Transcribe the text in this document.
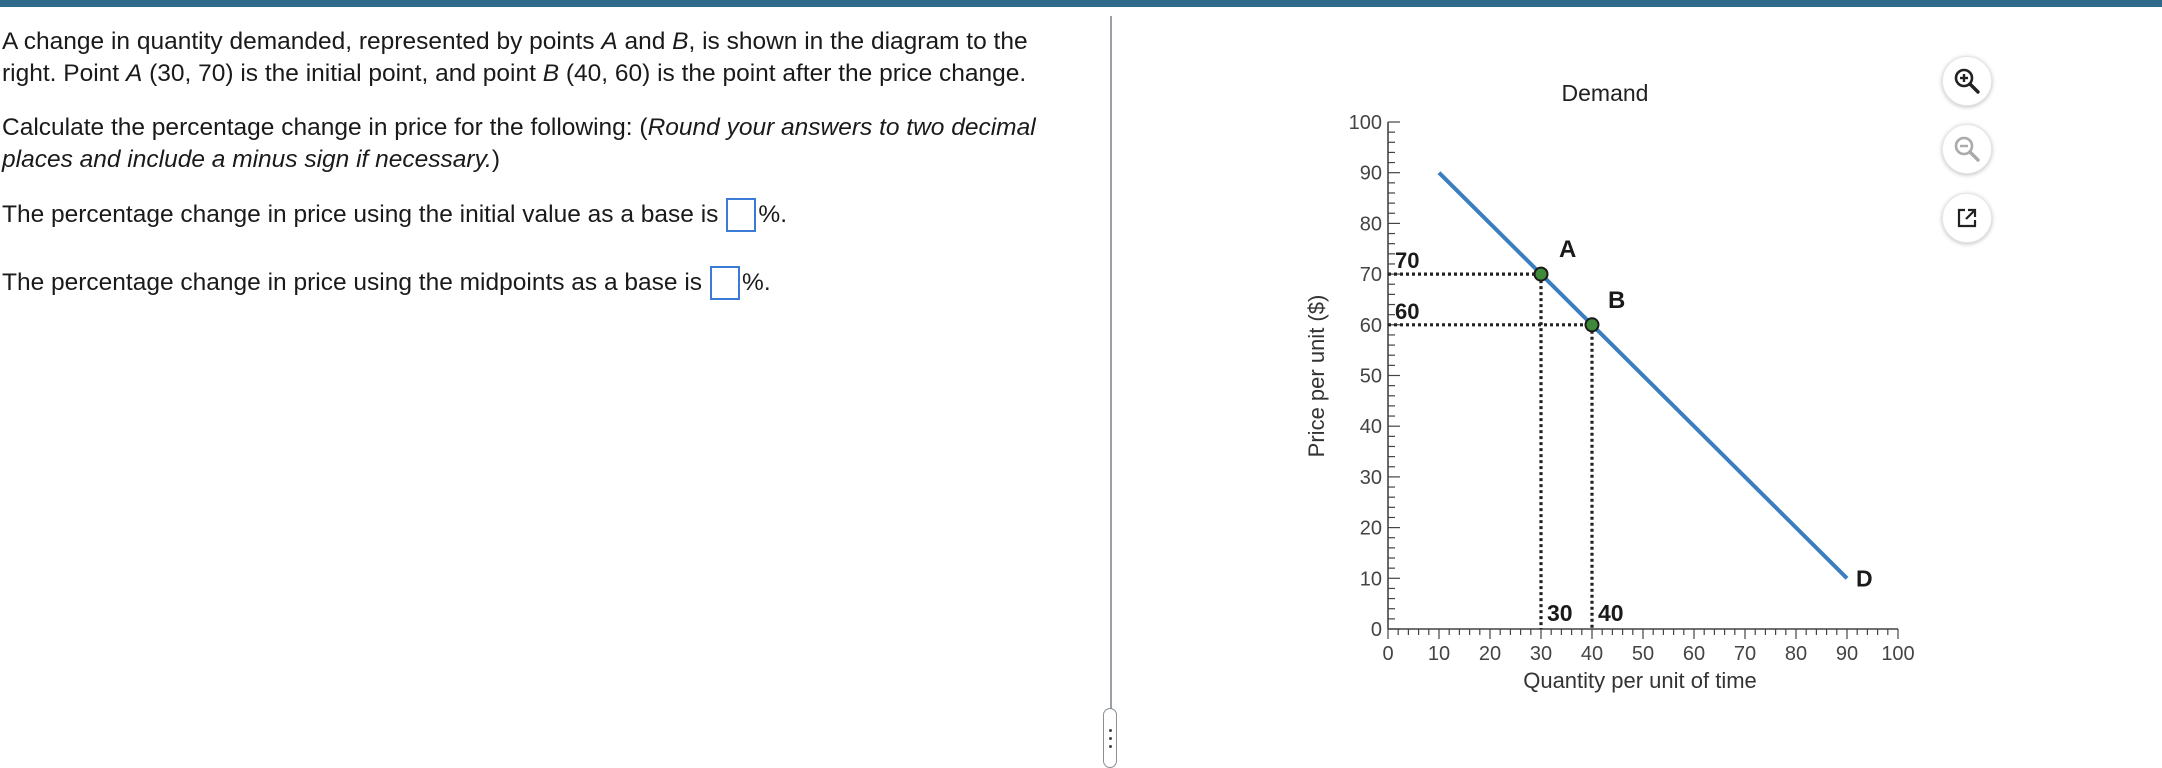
A change in quantity demanded, represented by points A and B, is shown in the diagram to the right. Point A (30, 70) is the initial point, and point B (40, 60) is the point after the price change.

Calculate the percentage change in price for the following: (Round your answers to two decimal places and include a minus sign if necessary.)

The percentage change in price using the initial value as a base is %.
The percentage change in price using the midpoints as a base is %.
Demand
Price per unit ($)
Quantity per unit of time
0 10 20 30 40 50 60 70 80 90 100
0
10
20
30
40
50
60
70
80
90
100
70
60
30 40
D
A
B
